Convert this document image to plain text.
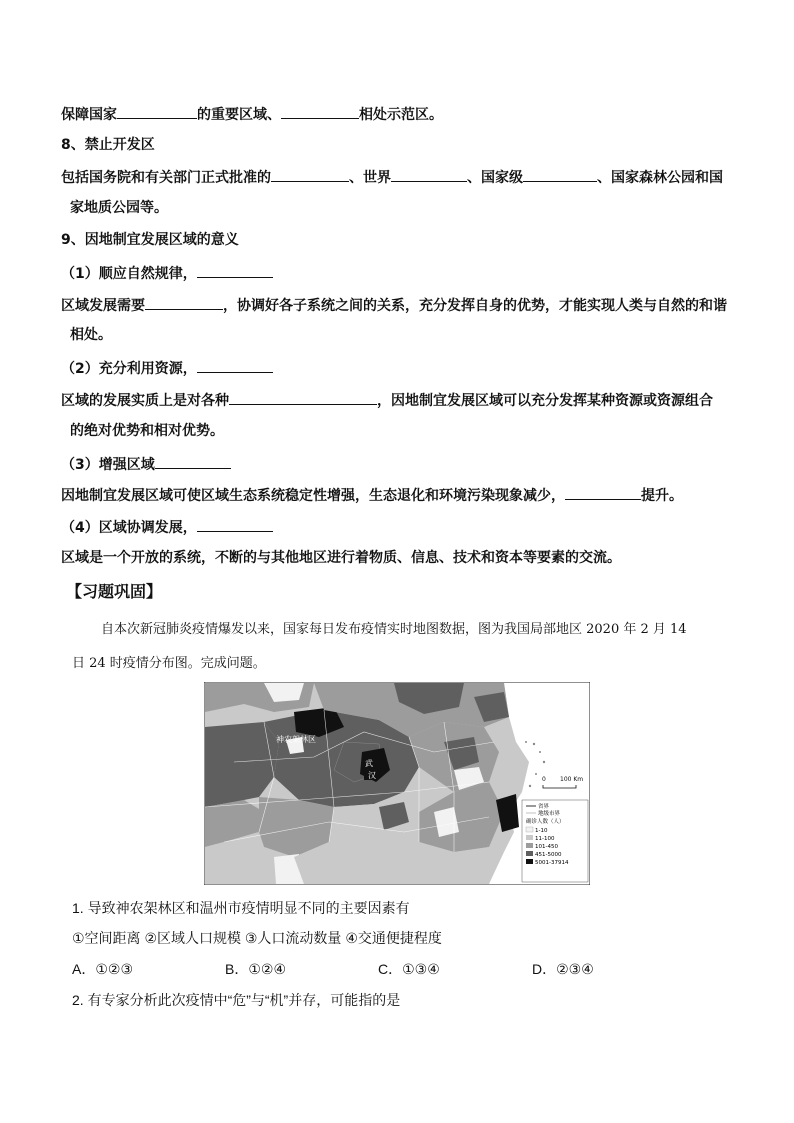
保障国家	的重要区域、	相处示范区。
8、禁止开发区
包括国务院和有关部门正式批准的	、世界	、国家级	、国家森林公园和国
家地质公园等。
9、因地制宜发展区域的意义
（1）顺应自然规律，
区域发展需要	，协调好各子系统之间的关系，充分发挥自身的优势，才能实现人类与自然的和谐
相处。
（2）充分利用资源，
区域的发展实质上是对各种	，因地制宜发展区域可以充分发挥某种资源或资源组合
的绝对优势和相对优势。
（3）增强区域
因地制宜发展区域可使区域生态系统稳定性增强，生态退化和环境污染现象减少，	提升。
（4）区域协调发展，
区域是一个开放的系统，不断的与其他地区进行着物质、信息、技术和资本等要素的交流。
【习题巩固】
自本次新冠肺炎疫情爆发以来，国家每日发布疫情实时地图数据，图为我国局部地区 2020 年 2 月 14
日 24 时疫情分布图。完成问题。
神农架林区
武
汉	0 100 Km
省界
地级市界
确诊人数（人）
1-10
11-100
101-450
451-5000
5001-37914
1. 导致神农架林区和温州市疫情明显不同的主要因素有
①空间距离 ②区域人口规模 ③人口流动数量 ④交通便捷程度
A．①②③	B．①②④	C．①③④	D．②③④
2. 有专家分析此次疫情中“危”与“机”并存，可能指的是
